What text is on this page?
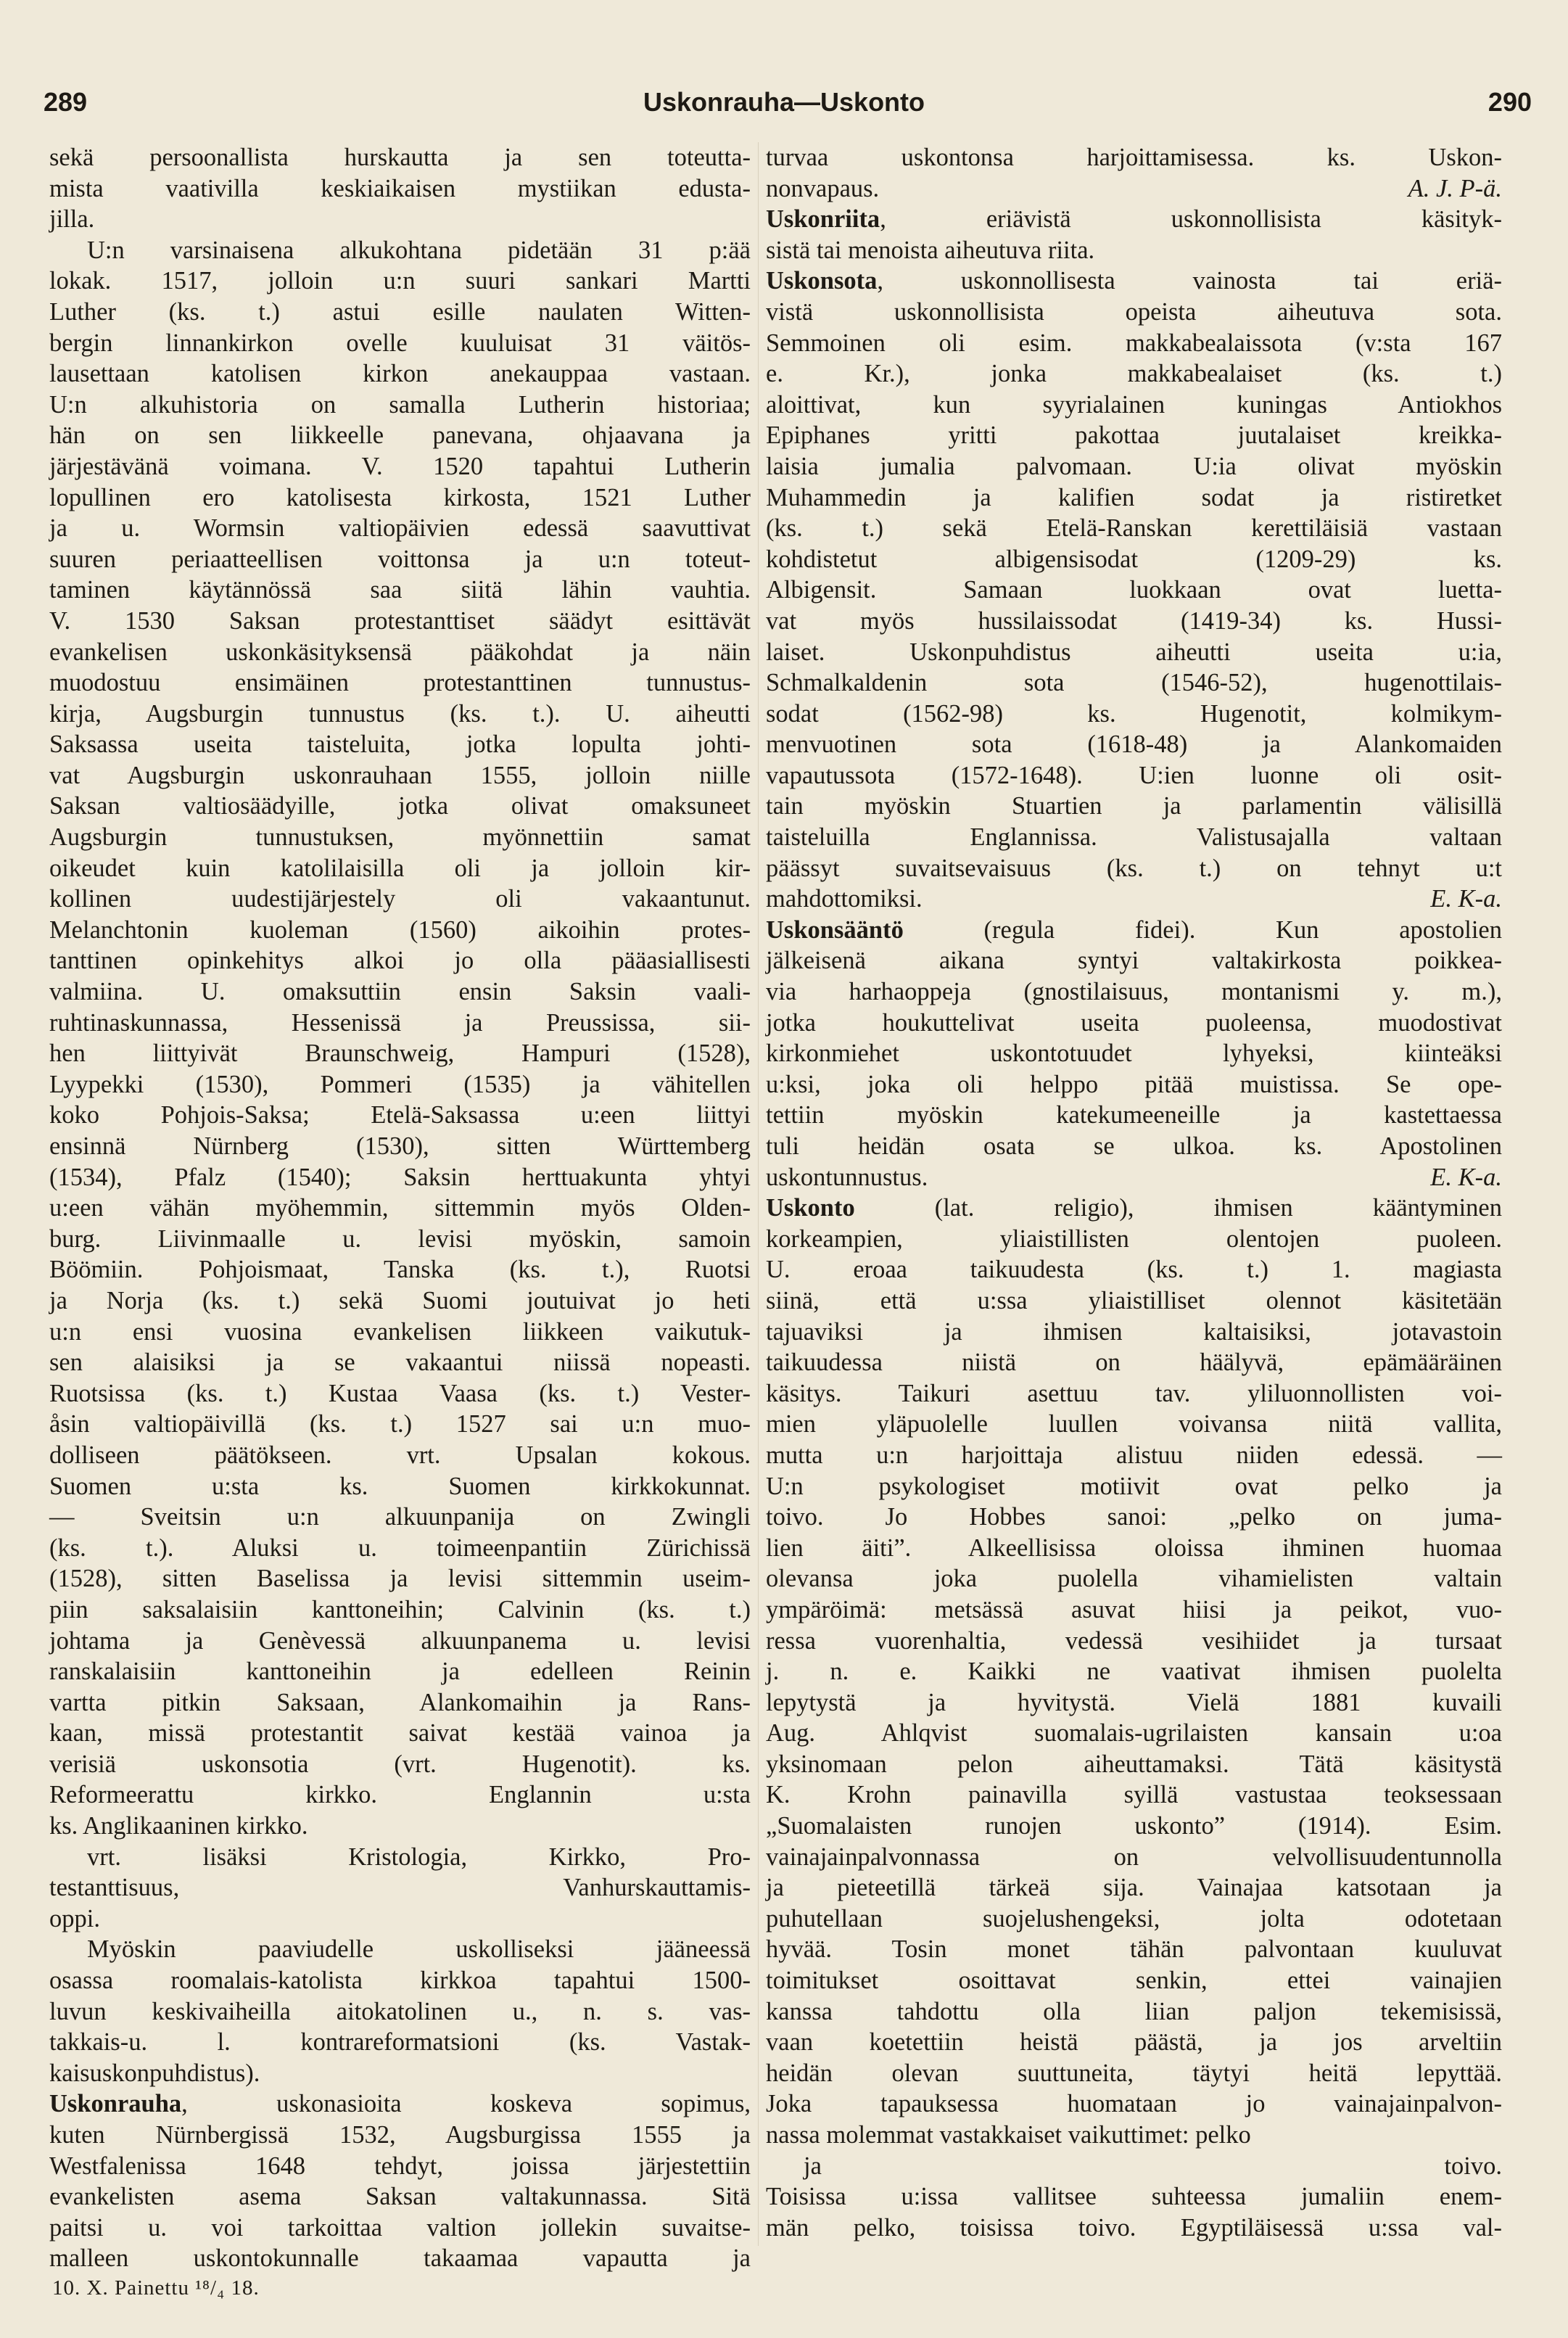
289	Uskonrauha—Uskonto	290

sekä persoonallista hurskautta ja sen toteutta-

mista vaativilla keskiaikaisen mystiikan edusta-

jilla.

U:n varsinaisena alkukohtana pidetään 31 p:ää

lokak. 1517, jolloin u:n suuri sankari Martti

Luther (ks. t.) astui esille naulaten Witten-

bergin linnankirkon ovelle kuuluisat 31 väitös-

lausettaan katolisen kirkon anekauppaa vastaan.

U:n alkuhistoria on samalla Lutherin historiaa;

hän on sen liikkeelle panevana, ohjaavana ja

järjestävänä voimana. V. 1520 tapahtui Lutherin

lopullinen ero katolisesta kirkosta, 1521 Luther

ja u. Wormsin valtiopäivien edessä saavuttivat

suuren periaatteellisen voittonsa ja u:n toteut-

taminen käytännössä saa siitä lähin vauhtia.

V. 1530 Saksan protestanttiset säädyt esittävät

evankelisen uskonkäsityksensä pääkohdat ja näin

muodostuu ensimäinen protestanttinen tunnustus-

kirja, Augsburgin tunnustus (ks. t.). U. aiheutti

Saksassa useita taisteluita, jotka lopulta johti-

vat Augsburgin uskonrauhaan 1555, jolloin niille

Saksan valtiosäädyille, jotka olivat omaksuneet

Augsburgin tunnustuksen, myönnettiin samat

oikeudet kuin katolilaisilla oli ja jolloin kir-

kollinen uudestijärjestely oli vakaantunut.

Melanchtonin kuoleman (1560) aikoihin protes-

tanttinen opinkehitys alkoi jo olla pääasiallisesti

valmiina. U. omaksuttiin ensin Saksin vaali-

ruhtinaskunnassa, Hessenissä ja Preussissa, sii-

hen liittyivät Braunschweig, Hampuri (1528),

Lyypekki (1530), Pommeri (1535) ja vähitellen

koko Pohjois-Saksa; Etelä-Saksassa u:een liittyi

ensinnä Nürnberg (1530), sitten Württemberg

(1534), Pfalz (1540); Saksin herttuakunta yhtyi

u:een vähän myöhemmin, sittemmin myös Olden-

burg. Liivinmaalle u. levisi myöskin, samoin

Böömiin. Pohjoismaat, Tanska (ks. t.), Ruotsi

ja Norja (ks. t.) sekä Suomi joutuivat jo heti

u:n ensi vuosina evankelisen liikkeen vaikutuk-

sen alaisiksi ja se vakaantui niissä nopeasti.

Ruotsissa (ks. t.) Kustaa Vaasa (ks. t.) Vester-

åsin valtiopäivillä (ks. t.) 1527 sai u:n muo-

dolliseen päätökseen. vrt. Upsalan kokous.

Suomen u:sta ks. Suomen kirkkokunnat.

— Sveitsin u:n alkuunpanija on Zwingli

(ks. t.). Aluksi u. toimeenpantiin Zürichissä

(1528), sitten Baselissa ja levisi sittemmin useim-

piin saksalaisiin kanttoneihin; Calvinin (ks. t.)

johtama ja Genèvessä alkuunpanema u. levisi

ranskalaisiin kanttoneihin ja edelleen Reinin

vartta pitkin Saksaan, Alankomaihin ja Rans-

kaan, missä protestantit saivat kestää vainoa ja

verisiä uskonsotia (vrt. Hugenotit). ks.

Reformeerattu kirkko. Englannin u:sta

ks. Anglikaaninen kirkko.

vrt. lisäksi Kristologia, Kirkko, Pro-

testanttisuus, Vanhurskauttamis-

oppi.

Myöskin paaviudelle uskolliseksi jääneessä

osassa roomalais-katolista kirkkoa tapahtui 1500-

luvun keskivaiheilla aitokatolinen u., n. s. vas-

takkais-u. l. kontrareformatsioni (ks. Vastak-

kaisuskonpuhdistus).

Uskonrauha, uskonasioita koskeva sopimus,

kuten Nürnbergissä 1532, Augsburgissa 1555 ja

Westfalenissa 1648 tehdyt, joissa järjestettiin

evankelisten asema Saksan valtakunnassa. Sitä

paitsi u. voi tarkoittaa valtion jollekin suvaitse-

malleen uskontokunnalle takaamaa vapautta ja

turvaa uskontonsa harjoittamisessa. ks. Uskon-

nonvapaus.	A. J. P-ä.

Uskonriita, eriävistä uskonnollisista käsityk-

sistä tai menoista aiheutuva riita.

Uskonsota, uskonnollisesta vainosta tai eriä-

vistä uskonnollisista opeista aiheutuva sota.

Semmoinen oli esim. makkabealaissota (v:sta 167

e. Kr.), jonka makkabealaiset (ks. t.)

aloittivat, kun syyrialainen kuningas Antiokhos

Epiphanes yritti pakottaa juutalaiset kreikka-

laisia jumalia palvomaan. U:ia olivat myöskin

Muhammedin ja kalifien sodat ja ristiretket

(ks. t.) sekä Etelä-Ranskan kerettiläisiä vastaan

kohdistetut albigensisodat (1209-29) ks.

Albigensit. Samaan luokkaan ovat luetta-

vat myös hussilaissodat (1419-34) ks. Hussi-

laiset. Uskonpuhdistus aiheutti useita u:ia,

Schmalkaldenin sota (1546-52), hugenottilais-

sodat (1562-98) ks. Hugenotit, kolmikym-

menvuotinen sota (1618-48) ja Alankomaiden

vapautussota (1572-1648). U:ien luonne oli osit-

tain myöskin Stuartien ja parlamentin välisillä

taisteluilla Englannissa. Valistusajalla valtaan

päässyt suvaitsevaisuus (ks. t.) on tehnyt u:t

mahdottomiksi.	E. K-a.

Uskonsääntö (regula fidei). Kun apostolien

jälkeisenä aikana syntyi valtakirkosta poikkea-

via harhaoppeja (gnostilaisuus, montanismi y. m.),

jotka houkuttelivat useita puoleensa, muodostivat

kirkonmiehet uskontotuudet lyhyeksi, kiinteäksi

u:ksi, joka oli helppo pitää muistissa. Se ope-

tettiin myöskin katekumeeneille ja kastettaessa

tuli heidän osata se ulkoa. ks. Apostolinen

uskontunnustus.	E. K-a.

Uskonto (lat. religio), ihmisen kääntyminen

korkeampien, yliaistillisten olentojen puoleen.

U. eroaa taikuudesta (ks. t.) 1. magiasta

siinä, että u:ssa yliaistilliset olennot käsitetään

tajuaviksi ja ihmisen kaltaisiksi, jotavastoin

taikuudessa niistä on häälyvä, epämääräinen

käsitys. Taikuri asettuu tav. yliluonnollisten voi-

mien yläpuolelle luullen voivansa niitä vallita,

mutta u:n harjoittaja alistuu niiden edessä. —

U:n psykologiset motiivit ovat pelko ja

toivo. Jo Hobbes sanoi: „pelko on juma-

lien äiti”. Alkeellisissa oloissa ihminen huomaa

olevansa joka puolella vihamielisten valtain

ympäröimä: metsässä asuvat hiisi ja peikot, vuo-

ressa vuorenhaltia, vedessä vesihiidet ja tursaat

j. n. e. Kaikki ne vaativat ihmisen puolelta

lepytystä ja hyvitystä. Vielä 1881 kuvaili

Aug. Ahlqvist suomalais-ugrilaisten kansain u:oa

yksinomaan pelon aiheuttamaksi. Tätä käsitystä

K. Krohn painavilla syillä vastustaa teoksessaan

„Suomalaisten runojen uskonto” (1914). Esim.

vainajainpalvonnassa on velvollisuudentunnolla

ja pieteetillä tärkeä sija. Vainajaa katsotaan ja

puhutellaan suojelushengeksi, jolta odotetaan

hyvää. Tosin monet tähän palvontaan kuuluvat

toimitukset osoittavat senkin, ettei vainajien

kanssa tahdottu olla liian paljon tekemisissä,

vaan koetettiin heistä päästä, ja jos arveltiin

heidän olevan suuttuneita, täytyi heitä lepyttää.

Joka tapauksessa huomataan jo vainajainpalvon-

nassa molemmat vastakkaiset vaikuttimet: pelko

ja toivo.

Toisissa u:issa vallitsee suhteessa jumaliin enem-

män pelko, toisissa toivo. Egyptiläisessä u:ssa val-

10. X. Painettu ¹⁸/₄ 18.
